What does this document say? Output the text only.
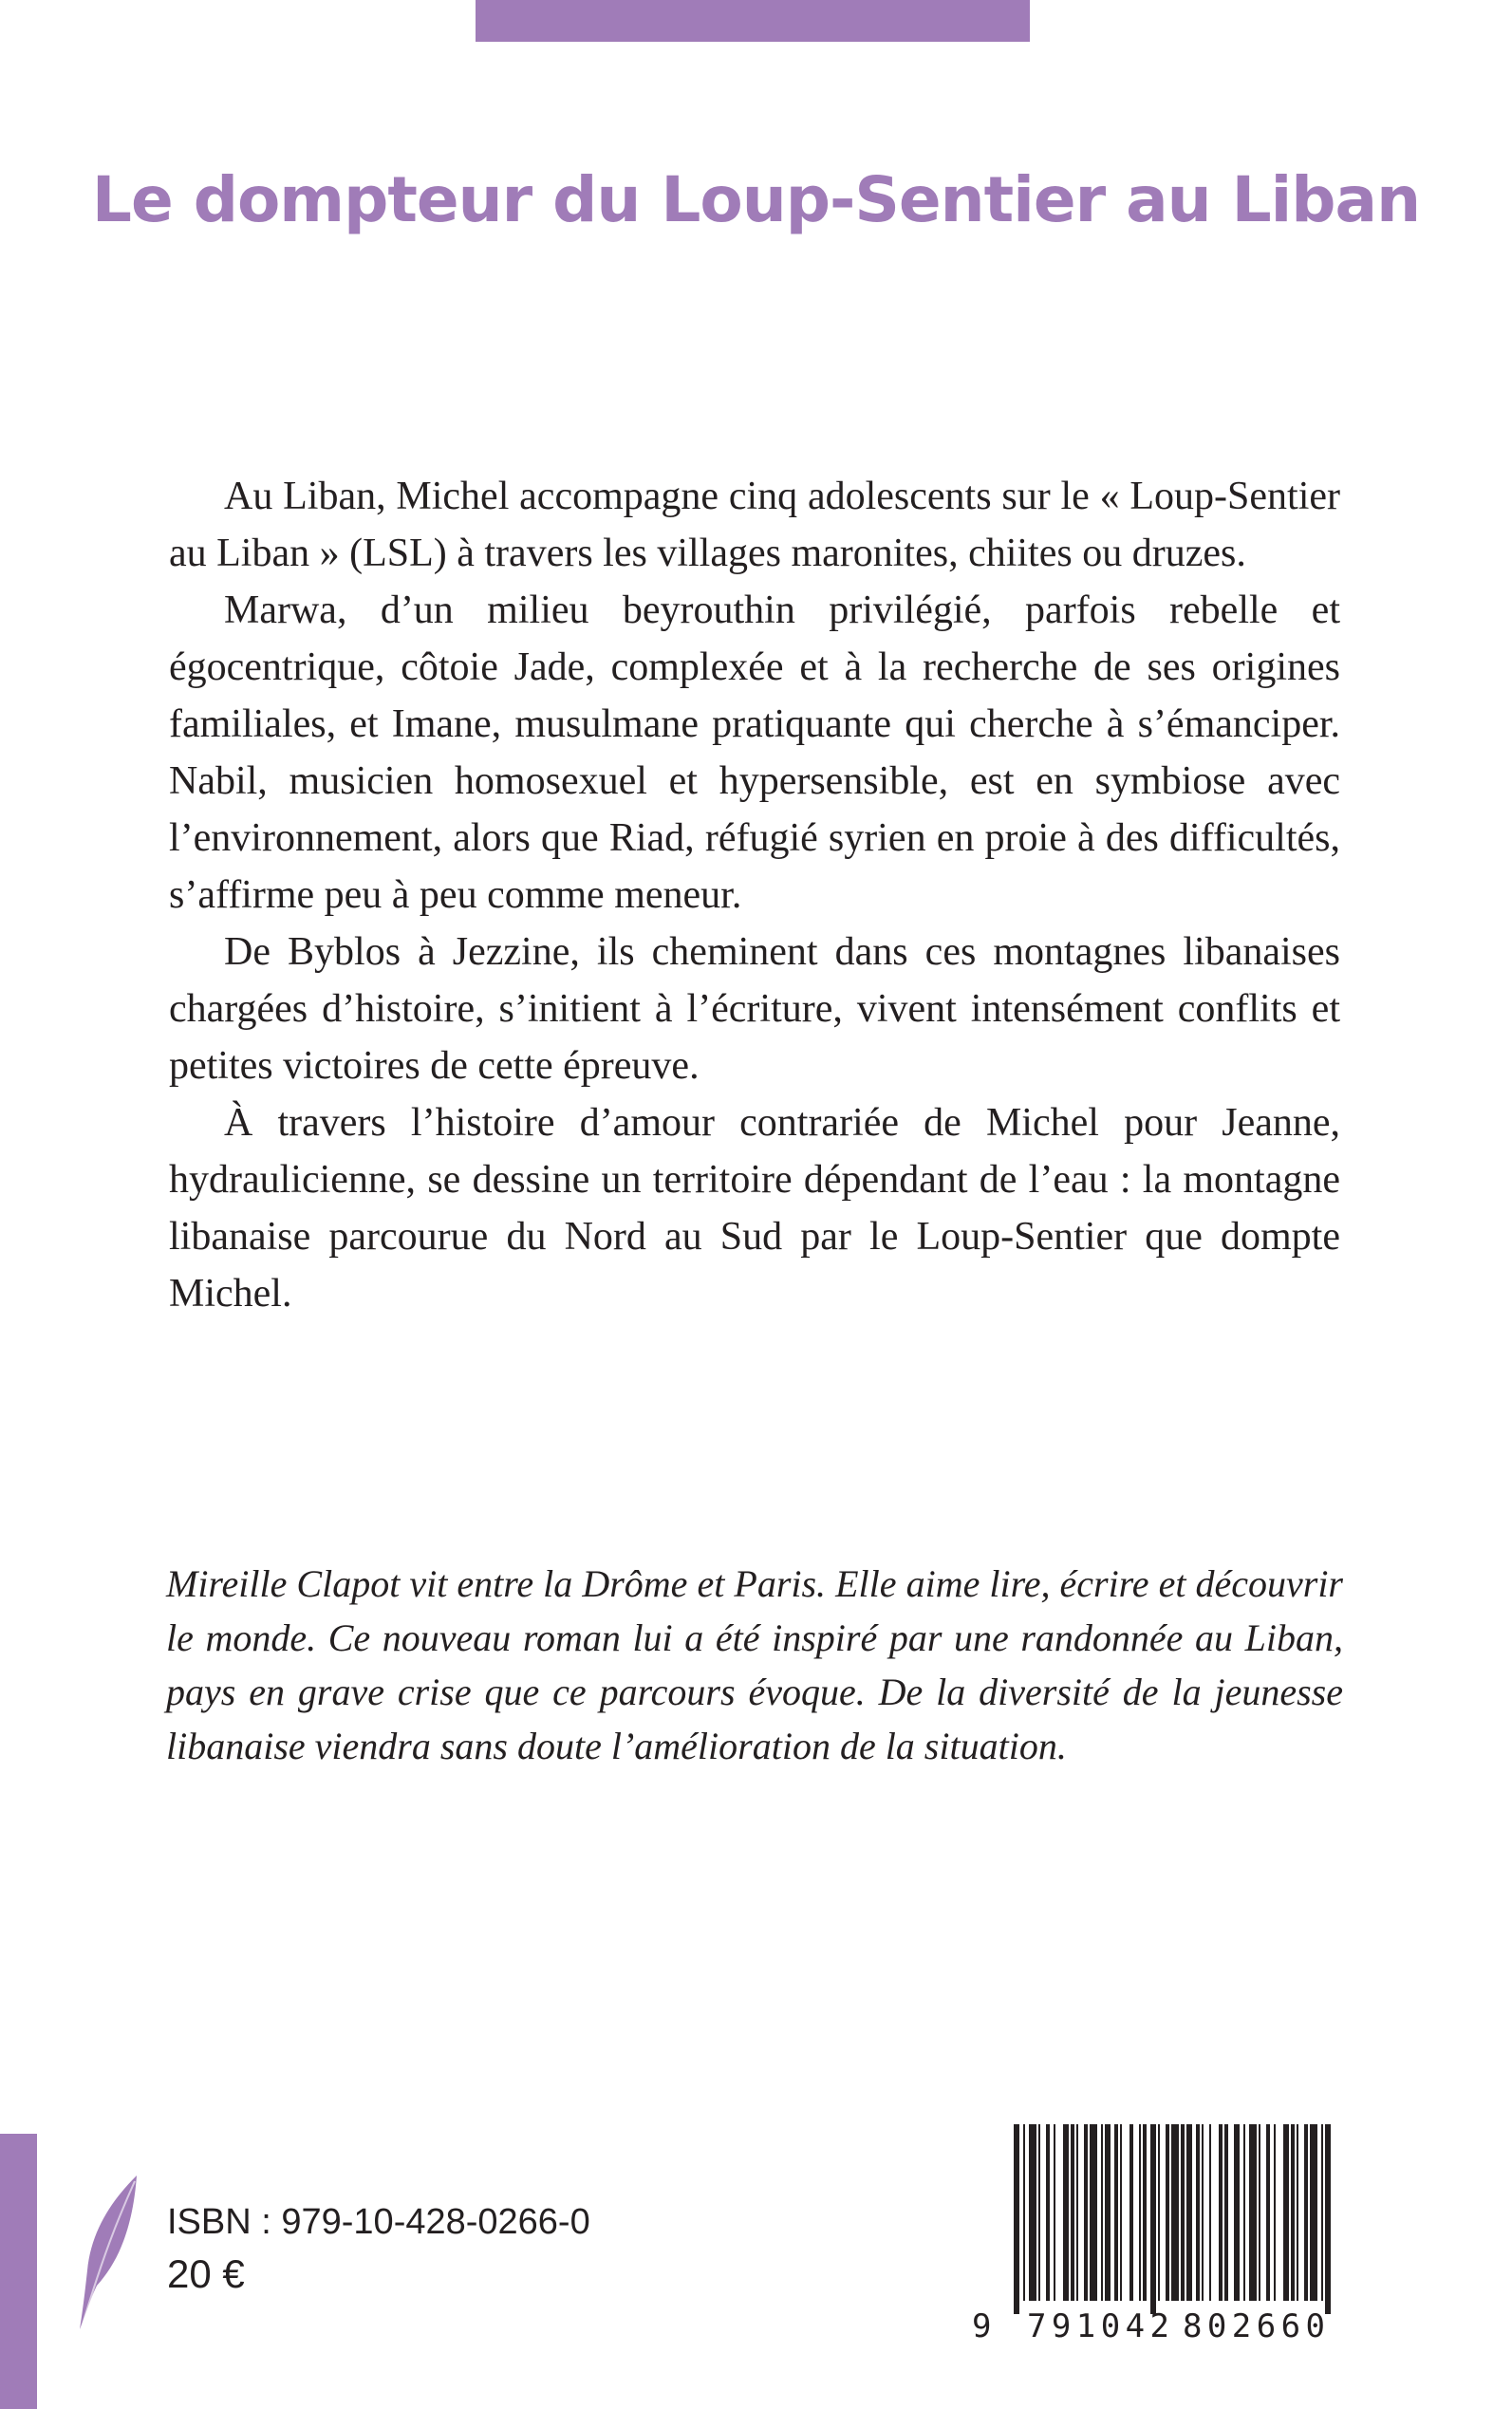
Le dompteur du Loup-Sentier au Liban

Au Liban, Michel accompagne cinq adolescents sur le « Loup-Sentier au Liban » (LSL) à travers les villages maronites, chiites ou druzes.

Marwa, d’un milieu beyrouthin privilégié, parfois rebelle et égocentrique, côtoie Jade, complexée et à la recherche de ses origines familiales, et Imane, musulmane pratiquante qui cherche à s’émanciper. Nabil, musicien homosexuel et hypersensible, est en symbiose avec l’environnement, alors que Riad, réfugié syrien en proie à des difficultés, s’affirme peu à peu comme meneur.

De Byblos à Jezzine, ils cheminent dans ces montagnes libanaises chargées d’histoire, s’initient à l’écriture, vivent intensément conflits et petites victoires de cette épreuve.

À travers l’histoire d’amour contrariée de Michel pour Jeanne, hydraulicienne, se dessine un territoire dépendant de l’eau : la montagne libanaise parcourue du Nord au Sud par le Loup-Sentier que dompte Michel.

Mireille Clapot vit entre la Drôme et Paris. Elle aime lire, écrire et découvrir le monde. Ce nouveau roman lui a été inspiré par une randonnée au Liban, pays en grave crise que ce parcours évoque. De la diversité de la jeunesse libanaise viendra sans doute l’amélioration de la situation.

ISBN : 979-10-428-0266-0
20 €
9 791042 802660
